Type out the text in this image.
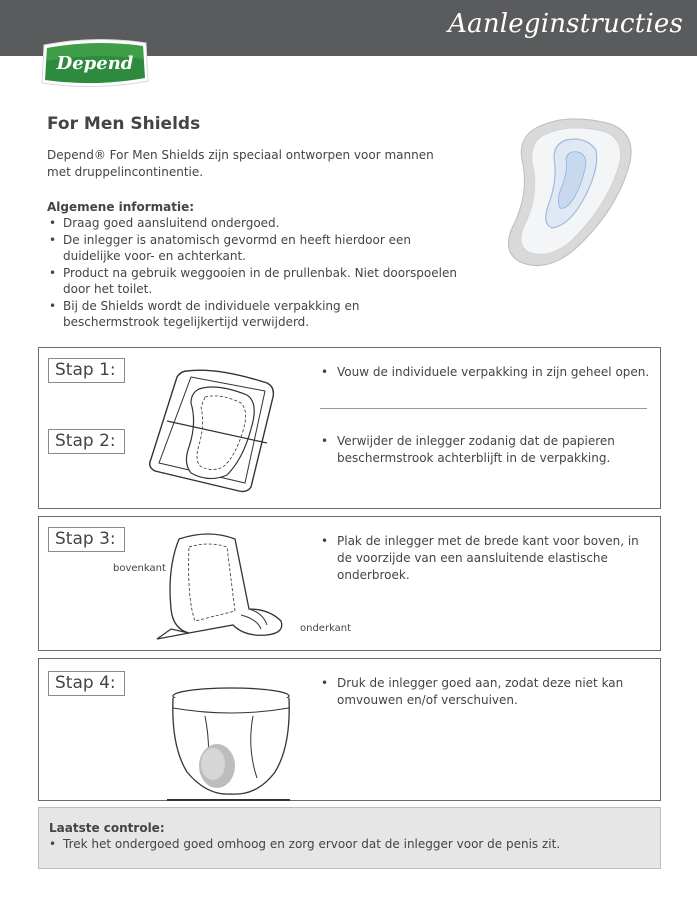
Aanleginstructies
Depend
For Men Shields
Depend® For Men Shields zijn speciaal ontworpen voor mannen met druppelincontinentie.
Algemene informatie:
• Draag goed aansluitend ondergoed.
• De inlegger is anatomisch gevormd en heeft hierdoor een duidelijke voor- en achterkant.
• Product na gebruik weggooien in de prullenbak. Niet doorspoelen door het toilet.
• Bij de Shields wordt de individuele verpakking en beschermstrook tegelijkertijd verwijderd.
Stap 1:
Stap 2:
• Vouw de individuele verpakking in zijn geheel open.
• Verwijder de inlegger zodanig dat de papieren beschermstrook achterblijft in de verpakking.
Stap 3:
bovenkant
onderkant
• Plak de inlegger met de brede kant voor boven, in de voorzijde van een aansluitende elastische onderbroek.
Stap 4:
•	Druk de inlegger goed aan, zodat deze niet kan omvouwen en/of verschuiven.
Laatste controle:
• Trek het ondergoed goed omhoog en zorg ervoor dat de inlegger voor de penis zit.
